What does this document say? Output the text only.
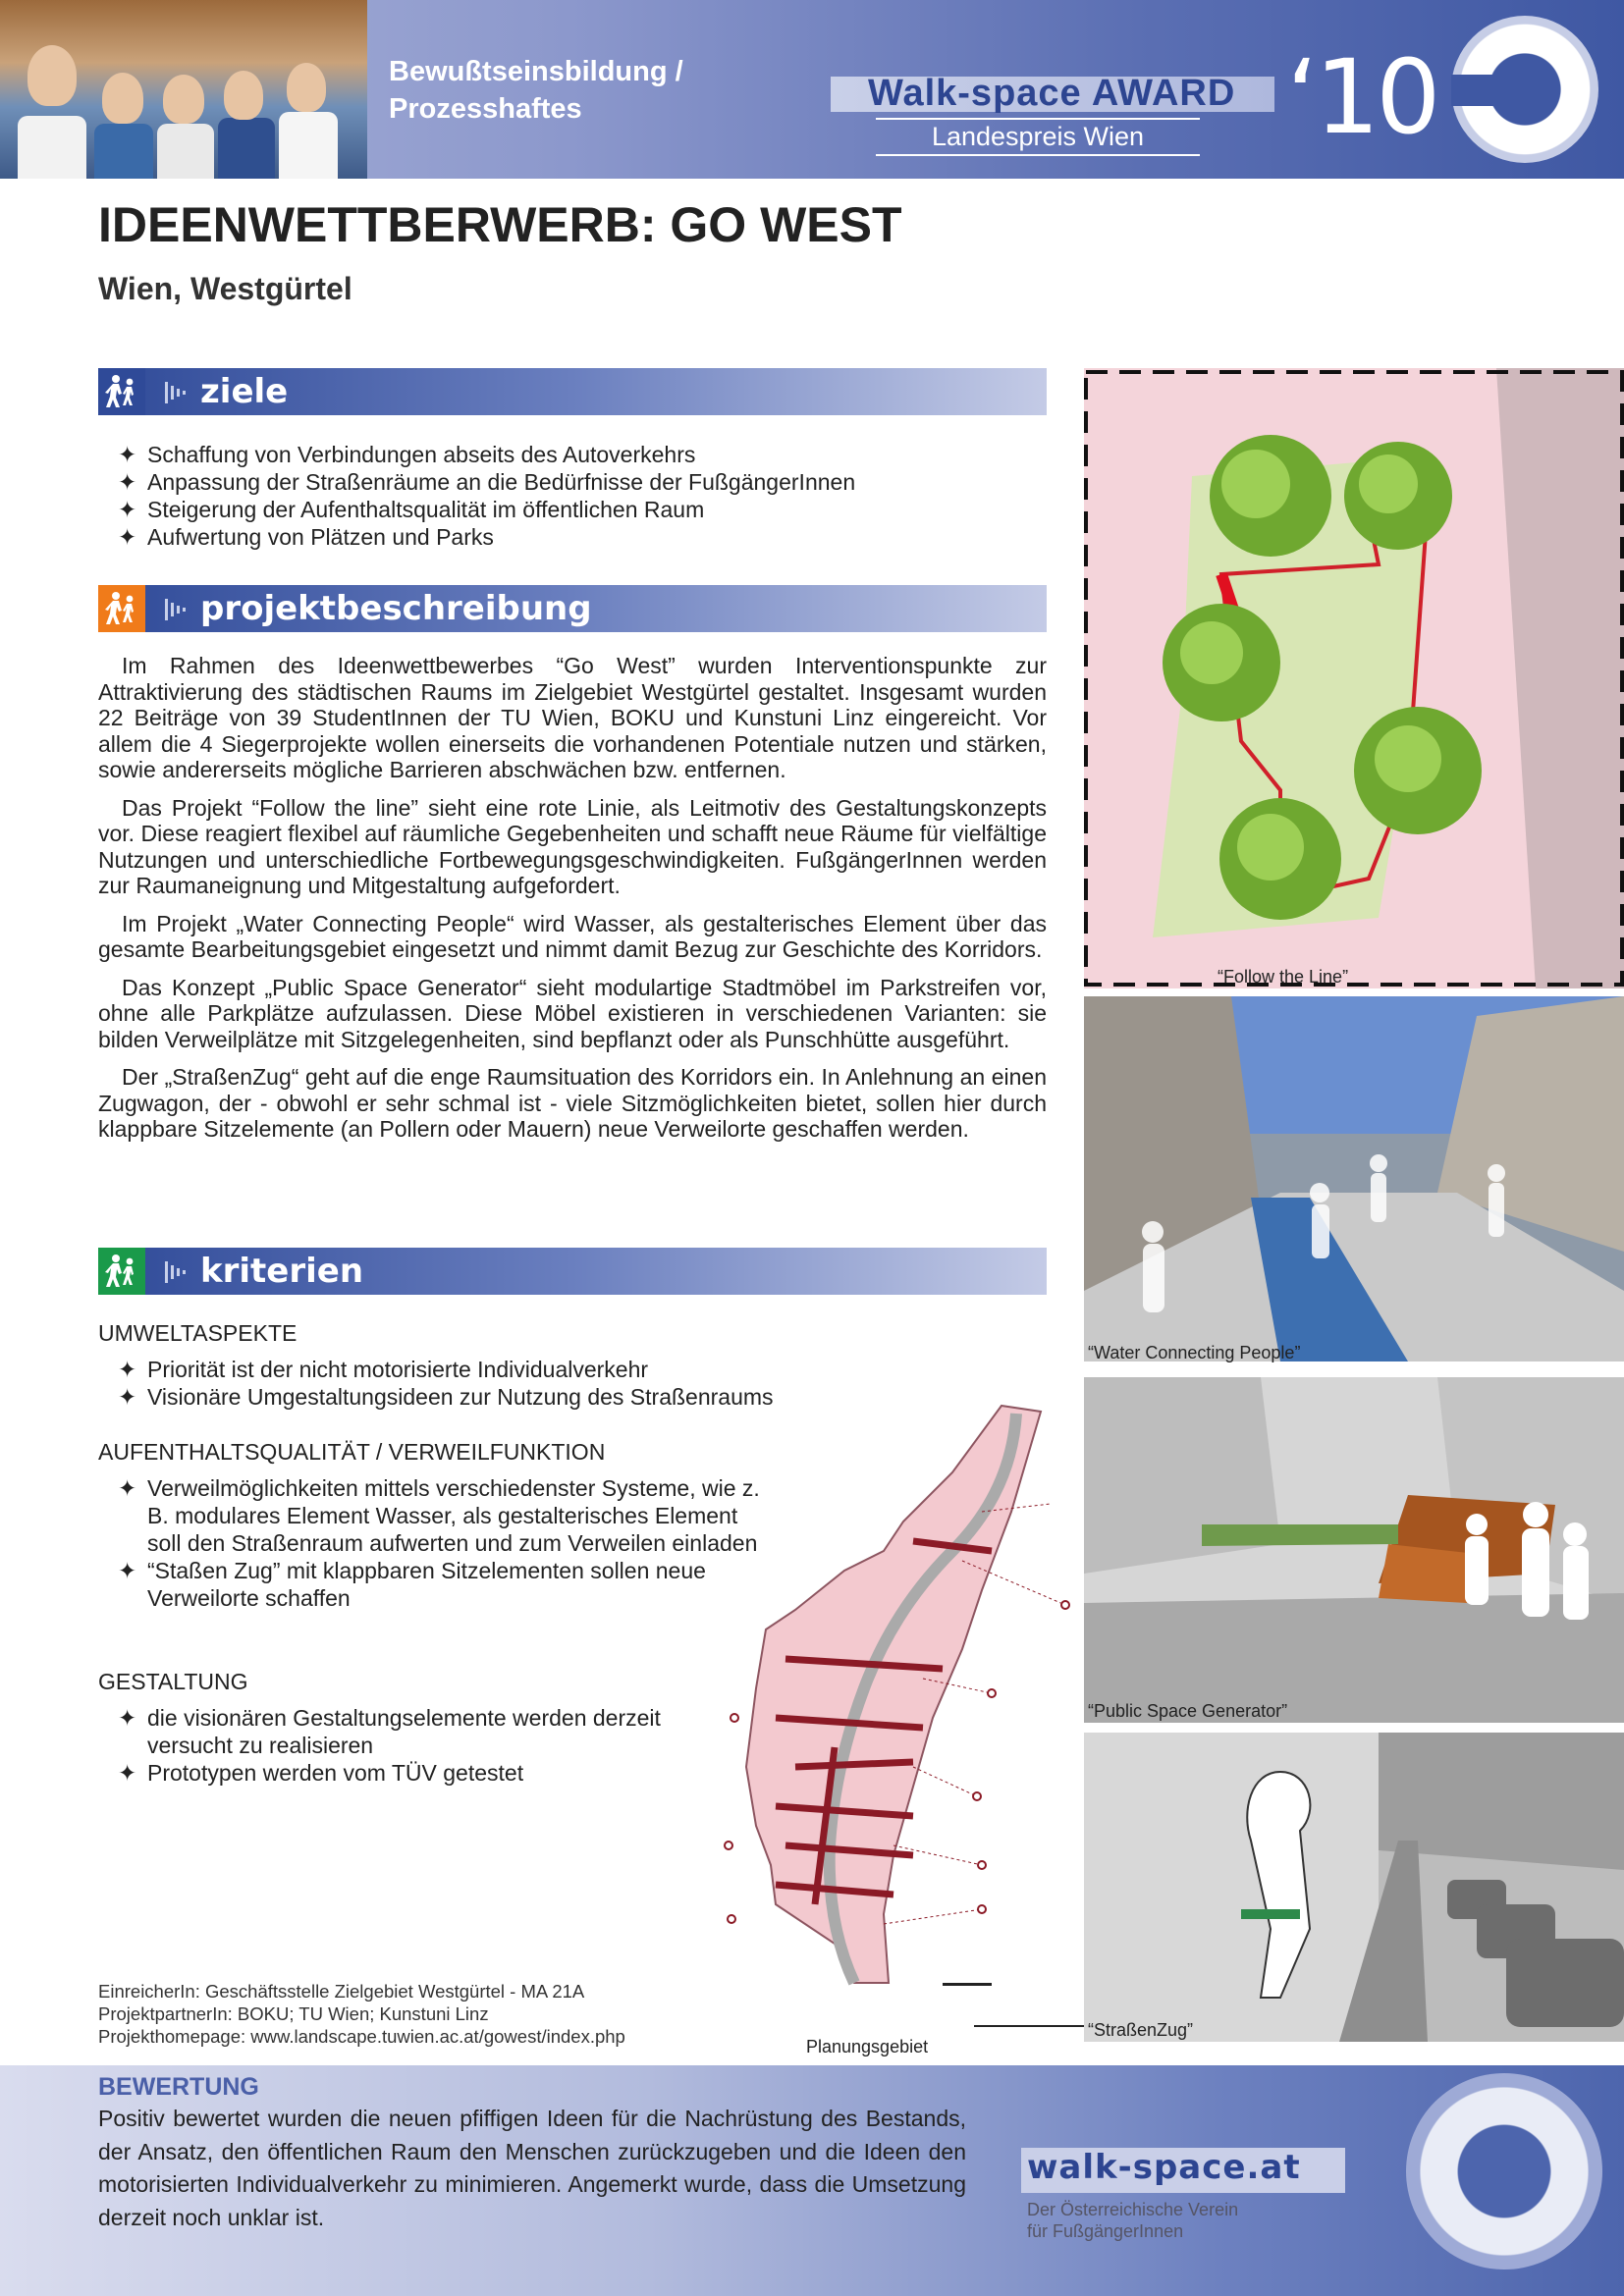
Bewußtseinsbildung /
Prozesshaftes	Walk-space AWARD
Landespreis Wien	‘10
IDEENWETTBERWERB: GO WEST
Wien, Westgürtel
ziele
✦ Schaffung von Verbindungen abseits des Autoverkehrs
✦ Anpassung der Straßenräume an die Bedürfnisse der FußgängerInnen
✦ Steigerung der Aufenthaltsqualität im öffentlichen Raum
✦ Aufwertung von Plätzen und Parks
projektbeschreibung

Im Rahmen des Ideenwettbewerbes “Go West” wurden Interventionspunkte zur Attraktivierung des städtischen Raums im Zielgebiet Westgürtel gestaltet. Insgesamt wurden 22 Beiträge von 39 StudentInnen der TU Wien, BOKU und Kunstuni Linz eingereicht. Vor allem die 4 Siegerprojekte wollen einerseits die vorhandenen Potentiale nutzen und stärken, sowie andererseits mögliche Barrieren abschwächen bzw. entfernen.

Das Projekt “Follow the line” sieht eine rote Linie, als Leitmotiv des Gestaltungskonzepts vor. Diese reagiert flexibel auf räumliche Gegebenheiten und schafft neue Räume für vielfältige Nutzungen und unterschiedliche Fortbewegungsgeschwindigkeiten. FußgängerInnen werden zur Raumaneignung und Mitgestaltung aufgefordert.

Im Projekt „Water Connecting People“ wird Wasser, als gestalterisches Element über das gesamte Bearbeitungsgebiet eingesetzt und nimmt damit Bezug zur Geschichte des Korridors.

Das Konzept „Public Space Generator“ sieht modulartige Stadtmöbel im Parkstreifen vor, ohne alle Parkplätze aufzulassen. Diese Möbel existieren in verschiedenen Varianten: sie bilden Verweilplätze mit Sitzgelegenheiten, sind bepflanzt oder als Punschhütte ausgeführt.

Der „StraßenZug“ geht auf die enge Raumsituation des Korridors ein. In Anlehnung an einen Zugwagon, der - obwohl er sehr schmal ist - viele Sitzmöglichkeiten bietet, sollen hier durch klappbare Sitzelemente (an Pollern oder Mauern) neue Verweilorte geschaffen werden.

kriterien
UMWELTASPEKTE
✦ Priorität ist der nicht motorisierte Individualverkehr
✦ Visionäre Umgestaltungsideen zur Nutzung des Straßenraums
AUFENTHALTSQUALITÄT / VERWEILFUNKTION
✦ Verweilmöglichkeiten mittels verschiedenster Systeme, wie z. B. modulares Element Wasser, als gestalterisches Element soll den Straßenraum aufwerten und zum Verweilen einladen
✦ “Staßen Zug” mit klappbaren Sitzelementen sollen neue Verweilorte schaffen
GESTALTUNG
✦ die visionären Gestaltungselemente werden derzeit versucht zu realisieren
✦ Prototypen werden vom TÜV getestet
EinreicherIn: Geschäftsstelle Zielgebiet Westgürtel - MA 21A
ProjektpartnerIn: BOKU; TU Wien; Kunstuni Linz
Projekthomepage: www.landscape.tuwien.ac.at/gowest/index.php	Planungsgebiet
“Follow the Line”
“Water Connecting People”
“Public Space Generator”
“StraßenZug”
BEWERTUNG
Positiv bewertet wurden die neuen pfiffigen Ideen für die Nachrüstung des Bestands, der Ansatz, den öffentlichen Raum den Menschen zurückzugeben und die Ideen den motorisierten Individualverkehr zu minimieren. Angemerkt wurde, dass die Umsetzung derzeit noch unklar ist.
walk-space.at
Der Österreichische Verein
für FußgängerInnen
